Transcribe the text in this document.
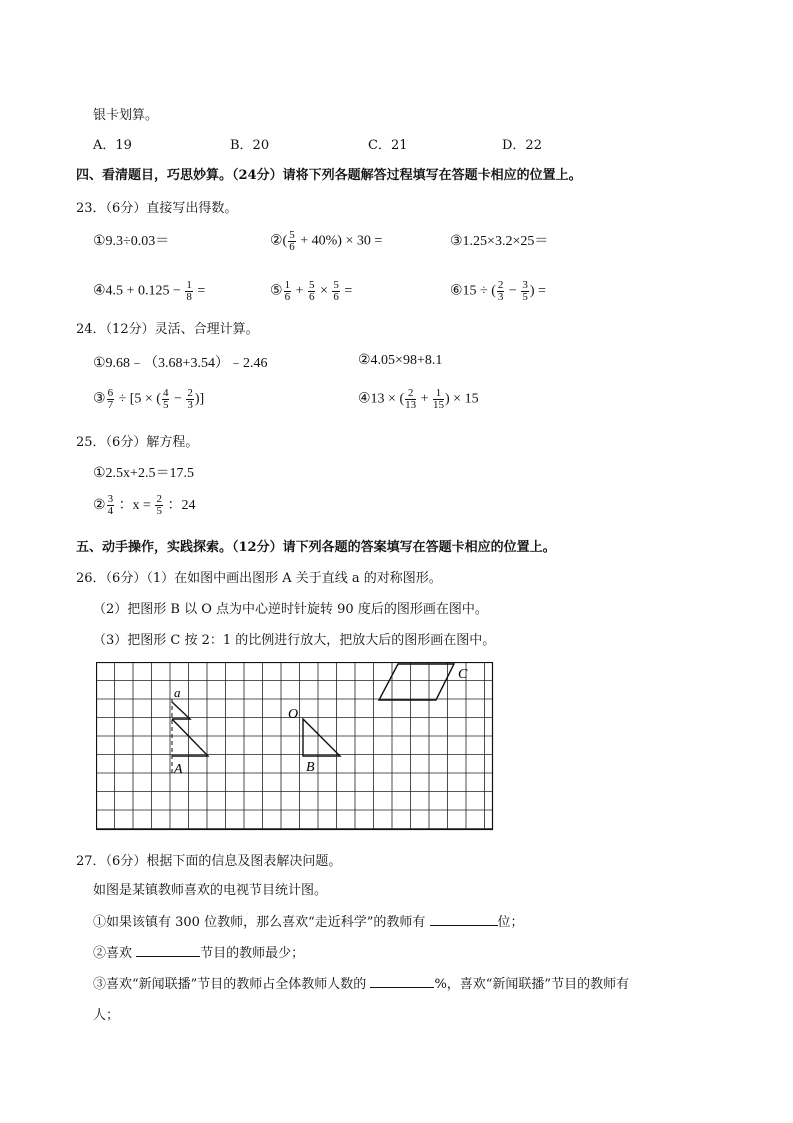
银卡划算。
A．19	B．20	C．21	D．22
四、看清题目，巧思妙算。（24分）请将下列各题解答过程填写在答题卡相应的位置上。
23．（6分）直接写出得数。
①9.3÷0.03＝	②( $\frac{5}{6} + 40\%) \times 30$ =	③1.25×3.2×25＝
④4.5 + $0.125 - \frac{1}{8}$ =	⑤ $\frac{1}{6} + \frac{5}{6} \times \frac{5}{6}$ =	⑥15 ÷ ( $\frac{2}{3} - \frac{3}{5}$ ) =
24．（12分）灵活、合理计算。
①9.68﹣（3.68+3.54）﹣2.46	②4.05×98+8.1
③ $\frac{6}{7} \div [5$ × ( $\frac{4}{5} - \frac{2}{3}$ )]	④13 × ( $\frac{2}{13} + \frac{1}{15}$ ) × 15
25．（6分）解方程。
①2.5x+2.5＝17.5
② $\frac{3}{4}$ ：$x = \frac{2}{5}$ ：24
五、动手操作，实践探索。（12分）请下列各题的答案填写在答题卡相应的位置上。
26．（6分）（1）在如图中画出图形 A 关于直线 a 的对称图形。
（2）把图形 B 以 O 点为中心逆时针旋转 90 度后的图形画在图中。
（3）把图形 C 按 2：1 的比例进行放大，把放大后的图形画在图中。
a
A
O
B
C
27．（6分）根据下面的信息及图表解决问题。
如图是某镇教师喜欢的电视节目统计图。
①如果该镇有 300 位教师，那么喜欢“走近科学”的教师有	位；
②喜欢	节目的教师最少；
③喜欢“新闻联播”节目的教师占全体教师人数的	%，喜欢“新闻联播”节目的教师有
人；
